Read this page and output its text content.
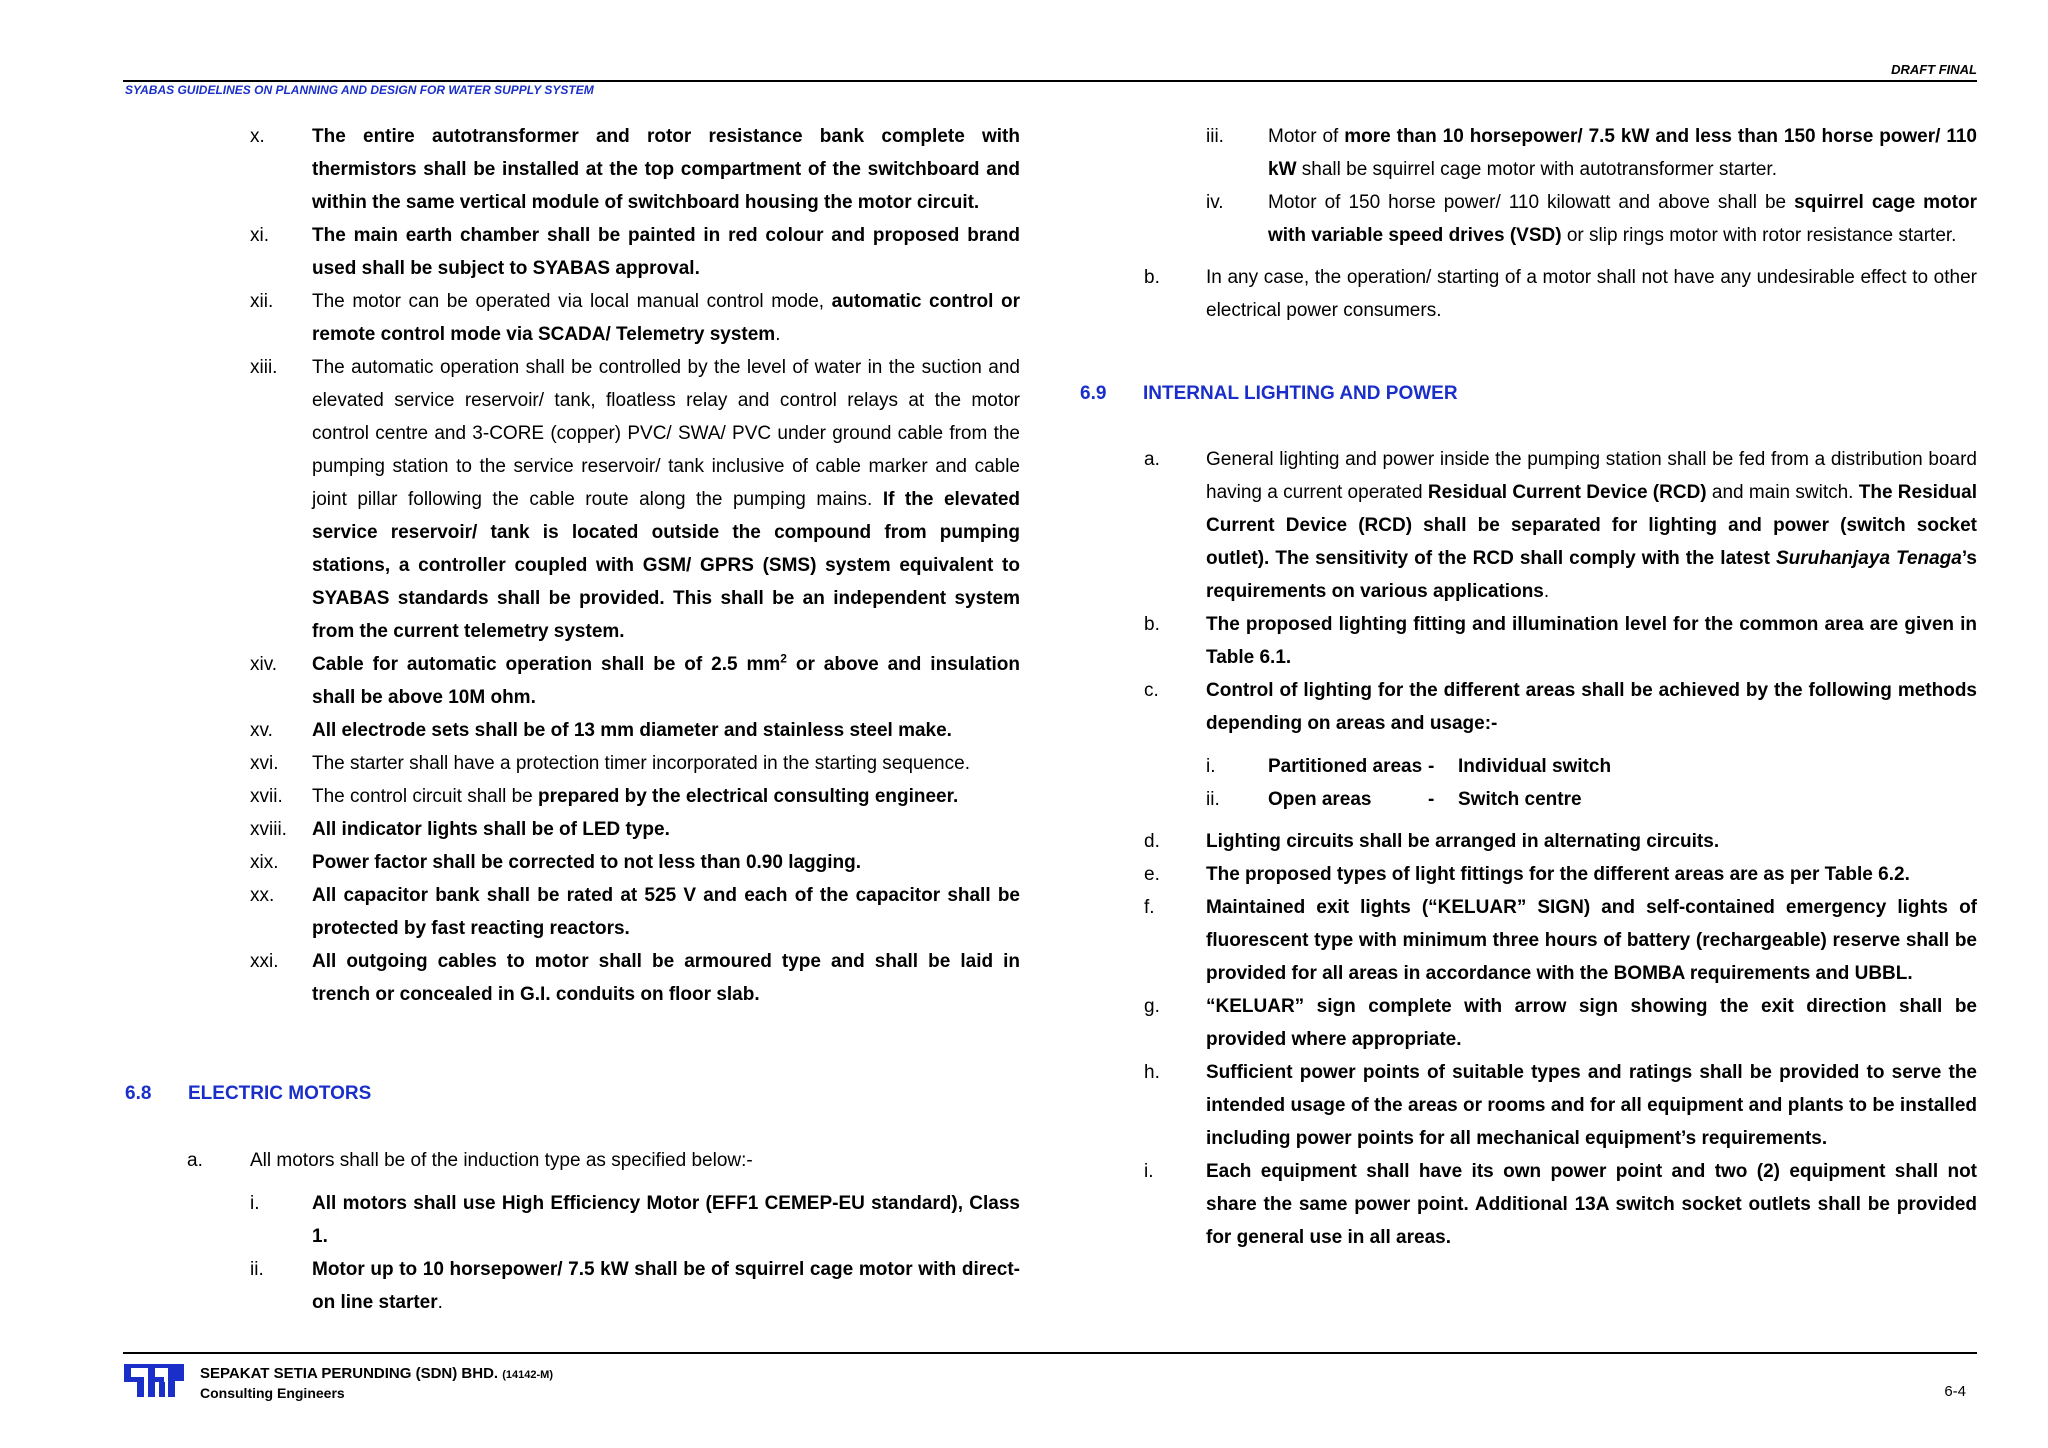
DRAFT FINAL
SYABAS GUIDELINES ON PLANNING AND DESIGN FOR WATER SUPPLY SYSTEM
x.	The entire autotransformer and rotor resistance bank complete with thermistors shall be installed at the top compartment of the switchboard and within the same vertical module of switchboard housing the motor circuit.
xi.	The main earth chamber shall be painted in red colour and proposed brand used shall be subject to SYABAS approval.
xii.	The motor can be operated via local manual control mode, automatic control or remote control mode via SCADA/ Telemetry system.
xiii.	The automatic operation shall be controlled by the level of water in the suction and elevated service reservoir/ tank, floatless relay and control relays at the motor control centre and 3-CORE (copper) PVC/ SWA/ PVC under ground cable from the pumping station to the service reservoir/ tank inclusive of cable marker and cable joint pillar following the cable route along the pumping mains. If the elevated service reservoir/ tank is located outside the compound from pumping stations, a controller coupled with GSM/ GPRS (SMS) system equivalent to SYABAS standards shall be provided. This shall be an independent system from the current telemetry system.
xiv.	Cable for automatic operation shall be of 2.5 $mm^2$ or above and insulation shall be above 10M ohm.
xv.	All electrode sets shall be of 13 mm diameter and stainless steel make.
xvi.	The starter shall have a protection timer incorporated in the starting sequence.
xvii.	The control circuit shall be prepared by the electrical consulting engineer.
xviii.	All indicator lights shall be of LED type.
xix.	Power factor shall be corrected to not less than 0.90 lagging.
xx.	All capacitor bank shall be rated at 525 V and each of the capacitor shall be protected by fast reacting reactors.
xxi.	All outgoing cables to motor shall be armoured type and shall be laid in trench or concealed in G.I. conduits on floor slab.
6.8	ELECTRIC MOTORS
a.	All motors shall be of the induction type as specified below:-
i.	All motors shall use High Efficiency Motor (EFF1 CEMEP-EU standard), Class 1.
ii.	Motor up to 10 horsepower/ 7.5 kW shall be of squirrel cage motor with direct-on line starter.
iii.	Motor of more than 10 horsepower/ 7.5 kW and less than 150 horse power/ 110 kW shall be squirrel cage motor with autotransformer starter.
iv.	Motor of 150 horse power/ 110 kilowatt and above shall be squirrel cage motor with variable speed drives (VSD) or slip rings motor with rotor resistance starter.
b.	In any case, the operation/ starting of a motor shall not have any undesirable effect to other electrical power consumers.
6.9	INTERNAL LIGHTING AND POWER
a.	General lighting and power inside the pumping station shall be fed from a distribution board having a current operated Residual Current Device (RCD) and main switch. The Residual Current Device (RCD) shall be separated for lighting and power (switch socket outlet). The sensitivity of the RCD shall comply with the latest Suruhanjaya Tenaga’s requirements on various applications.
b.	The proposed lighting fitting and illumination level for the common area are given in Table 6.1.
c.	Control of lighting for the different areas shall be achieved by the following methods depending on areas and usage:-
i.	Partitioned areas -	Individual switch
ii.	Open areas	-	Switch centre
d.	Lighting circuits shall be arranged in alternating circuits.
e.	The proposed types of light fittings for the different areas are as per Table 6.2.
f.	Maintained exit lights (“KELUAR” SIGN) and self-contained emergency lights of fluorescent type with minimum three hours of battery (rechargeable) reserve shall be provided for all areas in accordance with the BOMBA requirements and UBBL.
g.	“KELUAR” sign complete with arrow sign showing the exit direction shall be provided where appropriate.
h.	Sufficient power points of suitable types and ratings shall be provided to serve the intended usage of the areas or rooms and for all equipment and plants to be installed including power points for all mechanical equipment’s requirements.
i.	Each equipment shall have its own power point and two (2) equipment shall not share the same power point. Additional 13A switch socket outlets shall be provided for general use in all areas.
SEPAKAT SETIA PERUNDING (SDN) BHD. (14142-M)
Consulting Engineers	6-4
